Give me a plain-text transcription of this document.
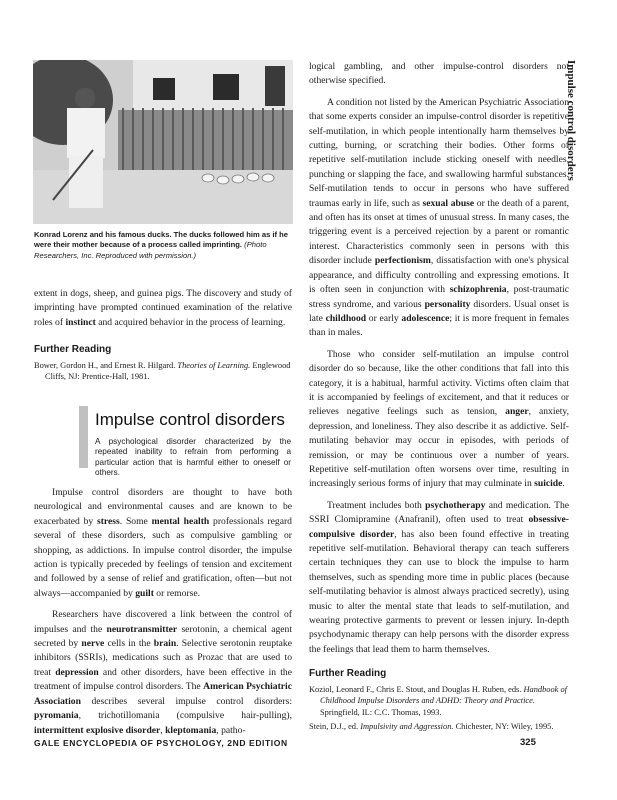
Impulse control disorders
Konrad Lorenz and his famous ducks. The ducks followed him as if he were their mother because of a process called imprinting. (Photo Researchers, Inc. Reproduced with permission.)

extent in dogs, sheep, and guinea pigs. The discovery and study of imprinting have prompted continued examination of the relative roles of instinct and acquired behavior in the process of learning.

Further Reading

Bower, Gordon H., and Ernest R. Hilgard. Theories of Learning. Englewood Cliffs, NJ: Prentice-Hall, 1981.

Impulse control disorders
A psychological disorder characterized by the repeated inability to refrain from performing a particular action that is harmful either to oneself or others.

Impulse control disorders are thought to have both neurological and environmental causes and are known to be exacerbated by stress. Some mental health professionals regard several of these disorders, such as compulsive gambling or shopping, as addictions. In impulse control disorder, the impulse action is typically preceded by feelings of tension and excitement and followed by a sense of relief and gratification, often—but not always—accompanied by guilt or remorse.

Researchers have discovered a link between the control of impulses and the neurotransmitter serotonin, a chemical agent secreted by nerve cells in the brain. Selective serotonin reuptake inhibitors (SSRIs), medications such as Prozac that are used to treat depression and other disorders, have been effective in the treatment of impulse control disorders. The American Psychiatric Association describes several impulse control disorders: pyromania, trichotillomania (compulsive hair-pulling), intermittent explosive disorder, kleptomania, patho-

logical gambling, and other impulse-control disorders not otherwise specified.

A condition not listed by the American Psychiatric Association that some experts consider an impulse-control disorder is repetitive self-mutilation, in which people intentionally harm themselves by cutting, burning, or scratching their bodies. Other forms of repetitive self-mutilation include sticking oneself with needles, punching or slapping the face, and swallowing harmful substances. Self-mutilation tends to occur in persons who have suffered traumas early in life, such as sexual abuse or the death of a parent, and often has its onset at times of unusual stress. In many cases, the triggering event is a perceived rejection by a parent or romantic interest. Characteristics commonly seen in persons with this disorder include perfectionism, dissatisfaction with one's physical appearance, and difficulty controlling and expressing emotions. It is often seen in conjunction with schizophrenia, post-traumatic stress syndrome, and various personality disorders. Usual onset is late childhood or early adolescence; it is more frequent in females than in males.

Those who consider self-mutilation an impulse control disorder do so because, like the other conditions that fall into this category, it is a habitual, harmful activity. Victims often claim that it is accompanied by feelings of excitement, and that it reduces or relieves negative feelings such as tension, anger, anxiety, depression, and loneliness. They also describe it as addictive. Self-mutilating behavior may occur in episodes, with periods of remission, or may be continuous over a number of years. Repetitive self-mutilation often worsens over time, resulting in increasingly serious forms of injury that may culminate in suicide.

Treatment includes both psychotherapy and medication. The SSRI Clomipramine (Anafranil), often used to treat obsessive-compulsive disorder, has also been found effective in treating repetitive self-mutilation. Behavioral therapy can teach sufferers certain techniques they can use to block the impulse to harm themselves, such as spending more time in public places (because self-mutilating behavior is almost always practiced secretly), using music to alter the mental state that leads to self-mutilation, and wearing protective garments to prevent or lessen injury. In-depth psychodynamic therapy can help persons with the disorder express the feelings that lead them to harm themselves.

Further Reading

Koziol, Leonard F., Chris E. Stout, and Douglas H. Ruben, eds. Handbook of Childhood Impulse Disorders and ADHD: Theory and Practice. Springfield, IL: C.C. Thomas, 1993.

Stein, D.J., ed. Impulsivity and Aggression. Chichester, NY: Wiley, 1995.

GALE ENCYCLOPEDIA OF PSYCHOLOGY, 2ND EDITION	325
